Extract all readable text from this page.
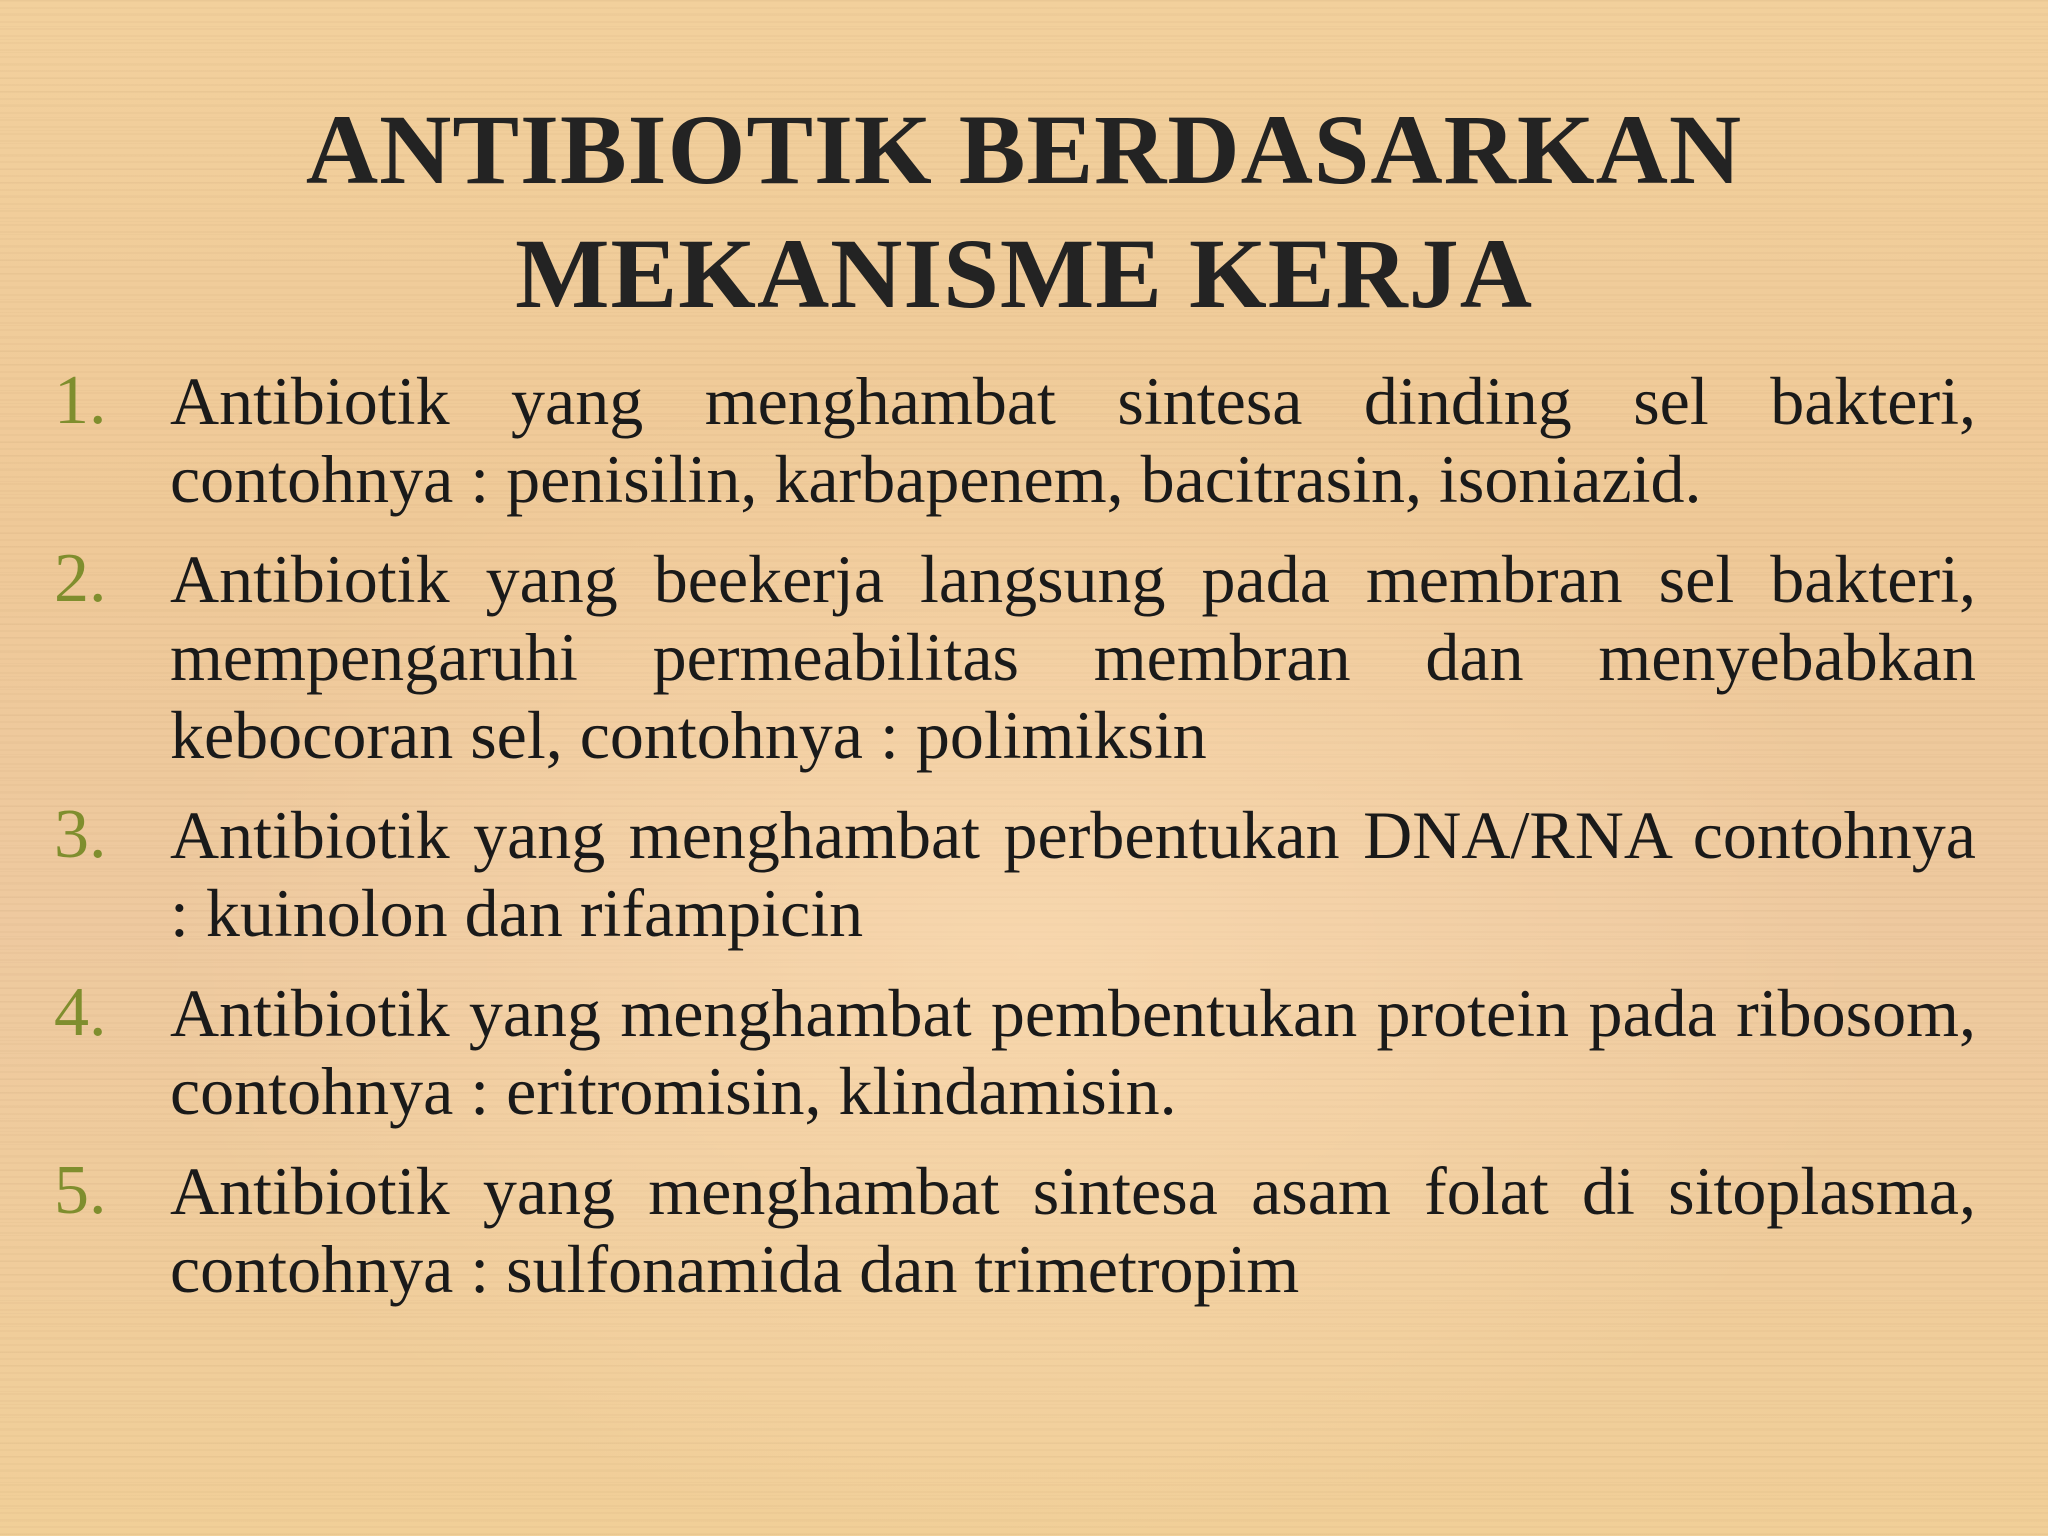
ANTIBIOTIK BERDASARKAN
MEKANISME KERJA
1. Antibiotik yang menghambat sintesa dinding sel bakteri, contohnya : penisilin, karbapenem, bacitrasin, isoniazid.
2. Antibiotik yang beekerja langsung pada membran sel bakteri, mempengaruhi permeabilitas membran dan menyebabkan kebocoran sel, contohnya : polimiksin
3. Antibiotik yang menghambat perbentukan DNA/RNA contohnya : kuinolon dan rifampicin
4. Antibiotik yang menghambat pembentukan protein pada ribosom, contohnya : eritromisin, klindamisin.
5. Antibiotik yang menghambat sintesa asam folat di sitoplasma, contohnya : sulfonamida dan trimetropim
